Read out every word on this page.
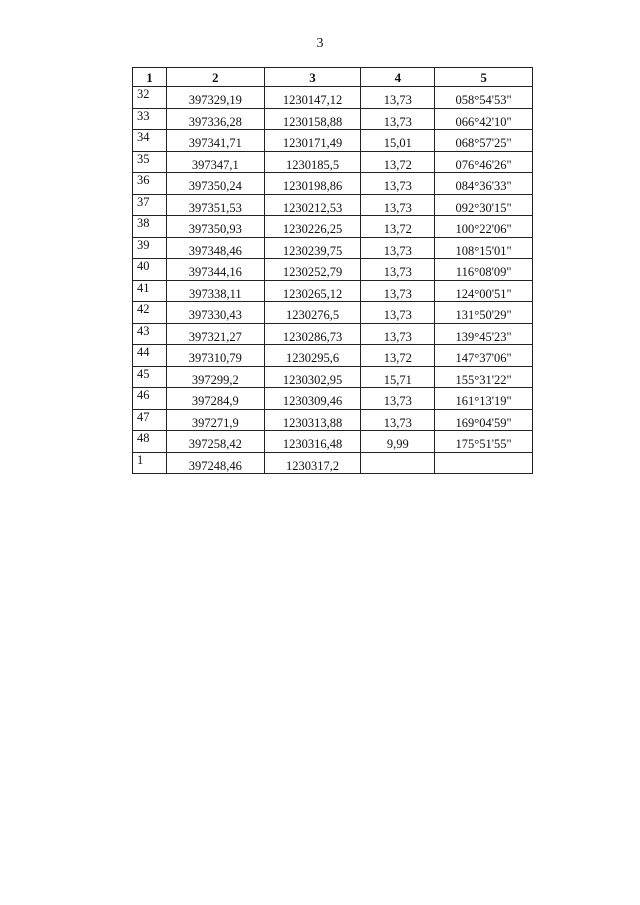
3
1	2	3	4	5
32	397329,19	1230147,12	13,73	058°54'53"
33	397336,28	1230158,88	13,73	066°42'10"
34	397341,71	1230171,49	15,01	068°57'25"
35	397347,1	1230185,5	13,72	076°46'26"
36	397350,24	1230198,86	13,73	084°36'33"
37	397351,53	1230212,53	13,73	092°30'15"
38	397350,93	1230226,25	13,72	100°22'06"
39	397348,46	1230239,75	13,73	108°15'01"
40	397344,16	1230252,79	13,73	116°08'09"
41	397338,11	1230265,12	13,73	124°00'51"
42	397330,43	1230276,5	13,73	131°50'29"
43	397321,27	1230286,73	13,73	139°45'23"
44	397310,79	1230295,6	13,72	147°37'06"
45	397299,2	1230302,95	15,71	155°31'22"
46	397284,9	1230309,46	13,73	161°13'19"
47	397271,9	1230313,88	13,73	169°04'59"
48	397258,42	1230316,48	9,99	175°51'55"
1	397248,46	1230317,2		
